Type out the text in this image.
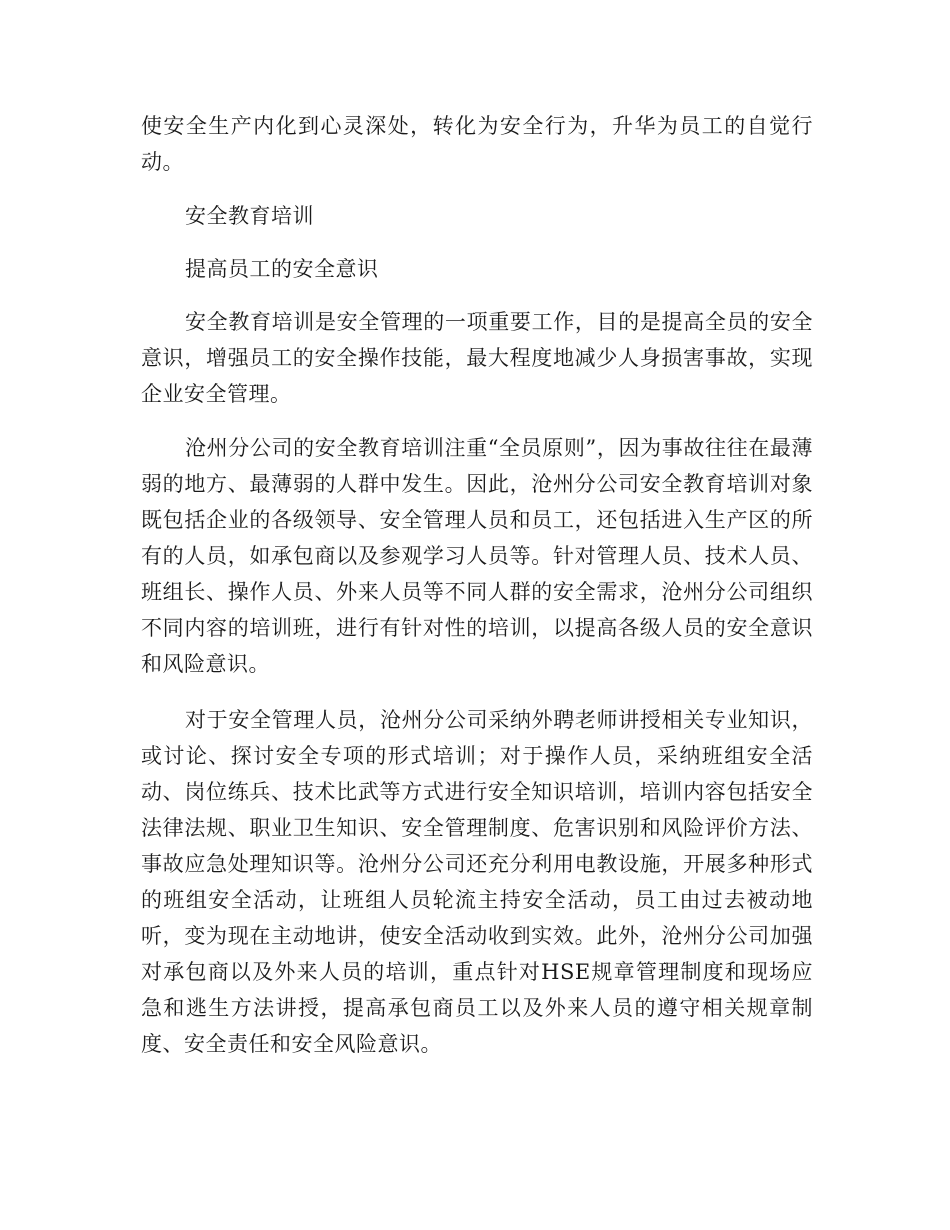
使安全生产内化到心灵深处，转化为安全行为，升华为员工的自觉行动。

安全教育培训

提高员工的安全意识

安全教育培训是安全管理的一项重要工作，目的是提高全员的安全意识，增强员工的安全操作技能，最大程度地减少人身损害事故，实现企业安全管理。

沧州分公司的安全教育培训注重“全员原则”，因为事故往往在最薄弱的地方、最薄弱的人群中发生。因此，沧州分公司安全教育培训对象既包括企业的各级领导、安全管理人员和员工，还包括进入生产区的所有的人员，如承包商以及参观学习人员等。针对管理人员、技术人员、班组长、操作人员、外来人员等不同人群的安全需求，沧州分公司组织不同内容的培训班，进行有针对性的培训，以提高各级人员的安全意识和风险意识。

对于安全管理人员，沧州分公司采纳外聘老师讲授相关专业知识，或讨论、探讨安全专项的形式培训；对于操作人员，采纳班组安全活动、岗位练兵、技术比武等方式进行安全知识培训，培训内容包括安全法律法规、职业卫生知识、安全管理制度、危害识别和风险评价方法、事故应急处理知识等。沧州分公司还充分利用电教设施，开展多种形式的班组安全活动，让班组人员轮流主持安全活动，员工由过去被动地听，变为现在主动地讲，使安全活动收到实效。此外，沧州分公司加强对承包商以及外来人员的培训，重点针对HSE规章管理制度和现场应急和逃生方法讲授，提高承包商员工以及外来人员的遵守相关规章制度、安全责任和安全风险意识。
